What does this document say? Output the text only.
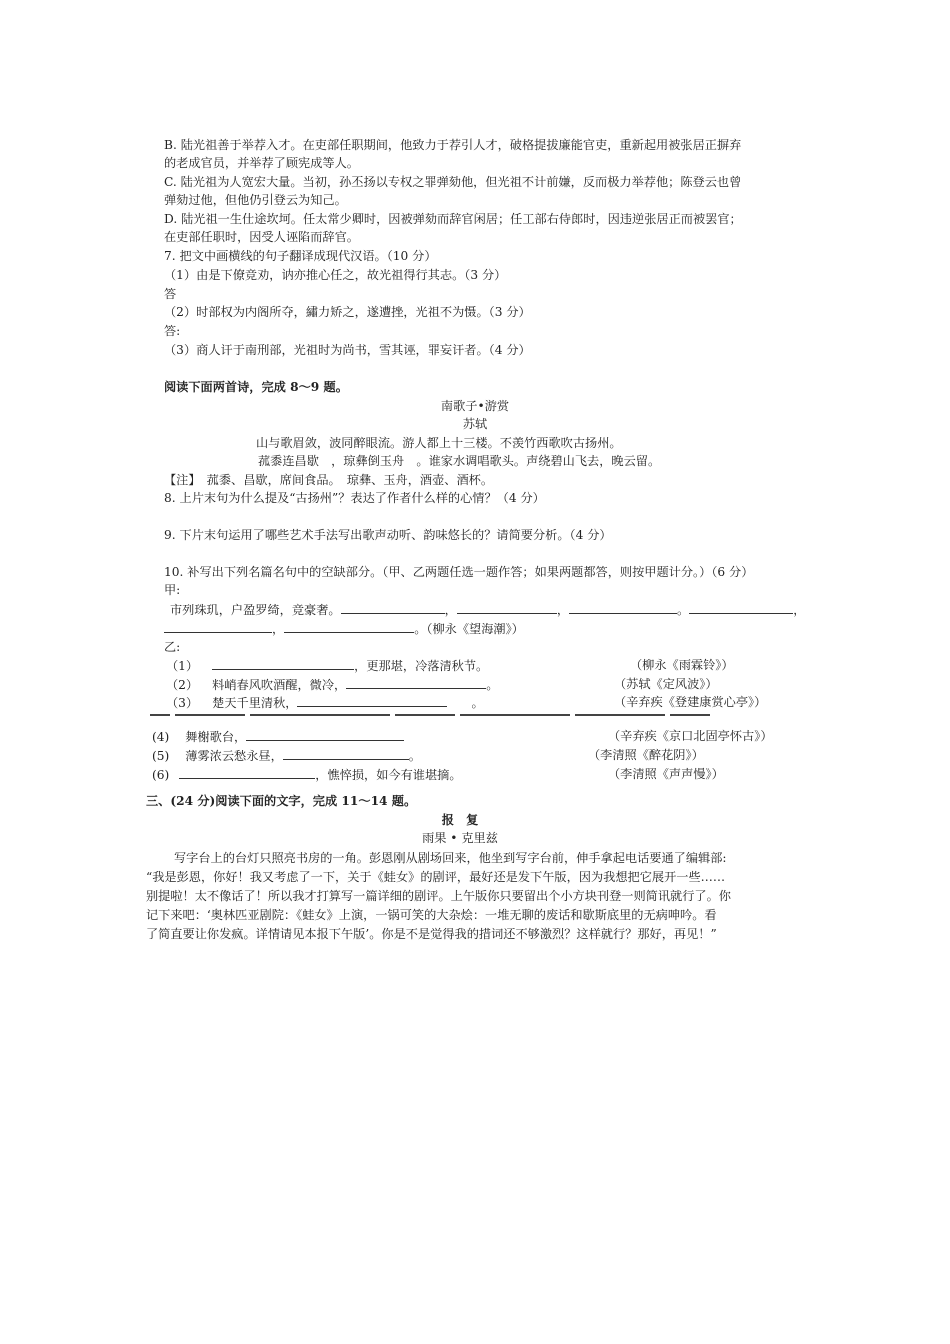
B. 陆光祖善于举荐入才。在吏部任职期间，他致力于荐引人才，破格提拔廉能官吏，重新起用被张居正摒弃
的老成官员，并举荐了顾宪成等人。
C. 陆光祖为人宽宏大量。当初，孙丕扬以专权之罪弹劾他，但光祖不计前嫌，反而极力举荐他；陈登云也曾
弹劾过他，但他仍引登云为知己。
D. 陆光祖一生仕途坎坷。任太常少卿时，因被弹劾而辞官闲居；任工部右侍郎时，因违逆张居正而被罢官；
在吏部任职时，因受人诬陷而辞官。
7. 把文中画横线的句子翻译成现代汉语。（10 分）
（1）由是下僚竞劝，讷亦推心任之，故光祖得行其志。（3 分）
答
（2）时部权为内阁所夺，繡力矫之，遂遭挫，光祖不为慑。（3 分）
答:
（3）商人讦于南刑部，光祖时为尚书，雪其诬，罪妄讦者。（4 分）
阅读下面两首诗，完成 8～9 题。
南歌子•游赏
苏轼
山与歌眉敛，波同醉眼流。游人都上十三楼。不羡竹西歌吹古扬州。
菰黍连昌歇　，琼彝倒玉舟　。谁家水调唱歌头。声绕碧山飞去，晚云留。
【注】　菰黍、昌歇，席间食品。　琼彝、玉舟，酒壶、酒杯。
8. 上片末句为什么提及“古扬州”？表达了作者什么样的心情？（4 分）
9. 下片末句运用了哪些艺术手法写出歌声动听、韵味悠长的？请简要分析。（4 分）
10. 补写出下列名篇名句中的空缺部分。（甲、乙两题任选一题作答；如果两题都答，则按甲题计分。）（6 分）
甲:
市列珠玑，户盈罗绮，竞豪奢。	，	，	。	，
，	。（柳永《望海潮》）
乙:
（1）	，更那堪，冷落清秋节。	（柳永《雨霖铃》）
（2） 料峭春风吹酒醒，微冷，	。	（苏轼《定风波》）
（3） 楚天千里清秋，	。	（辛弃疾《登建康赏心亭》）
(4) 舞榭歌台，	（辛弃疾《京口北固亭怀古》）
(5) 薄雾浓云愁永昼，	。	（李清照《醉花阴》）
(6)	，憔悴损，如今有谁堪摘。	（李清照《声声慢》）
三、(24 分)阅读下面的文字，完成 11～14 题。
报　复
雨果 • 克里兹
写字台上的台灯只照亮书房的一角。彭恩刚从剧场回来，他坐到写字台前，伸手拿起电话要通了编辑部:
“我是彭恩，你好！我又考虑了一下，关于《蛙女》的剧评，最好还是发下午版，因为我想把它展开一些……
别提啦！太不像话了！所以我才打算写一篇详细的剧评。上午版你只要留出个小方块刊登一则简讯就行了。你
记下来吧：‘奥林匹亚剧院：《蛙女》上演，一锅可笑的大杂烩：一堆无聊的废话和歇斯底里的无病呻吟。看
了简直要让你发疯。详情请见本报下午版’。你是不是觉得我的措词还不够激烈？这样就行？那好，再见！”
